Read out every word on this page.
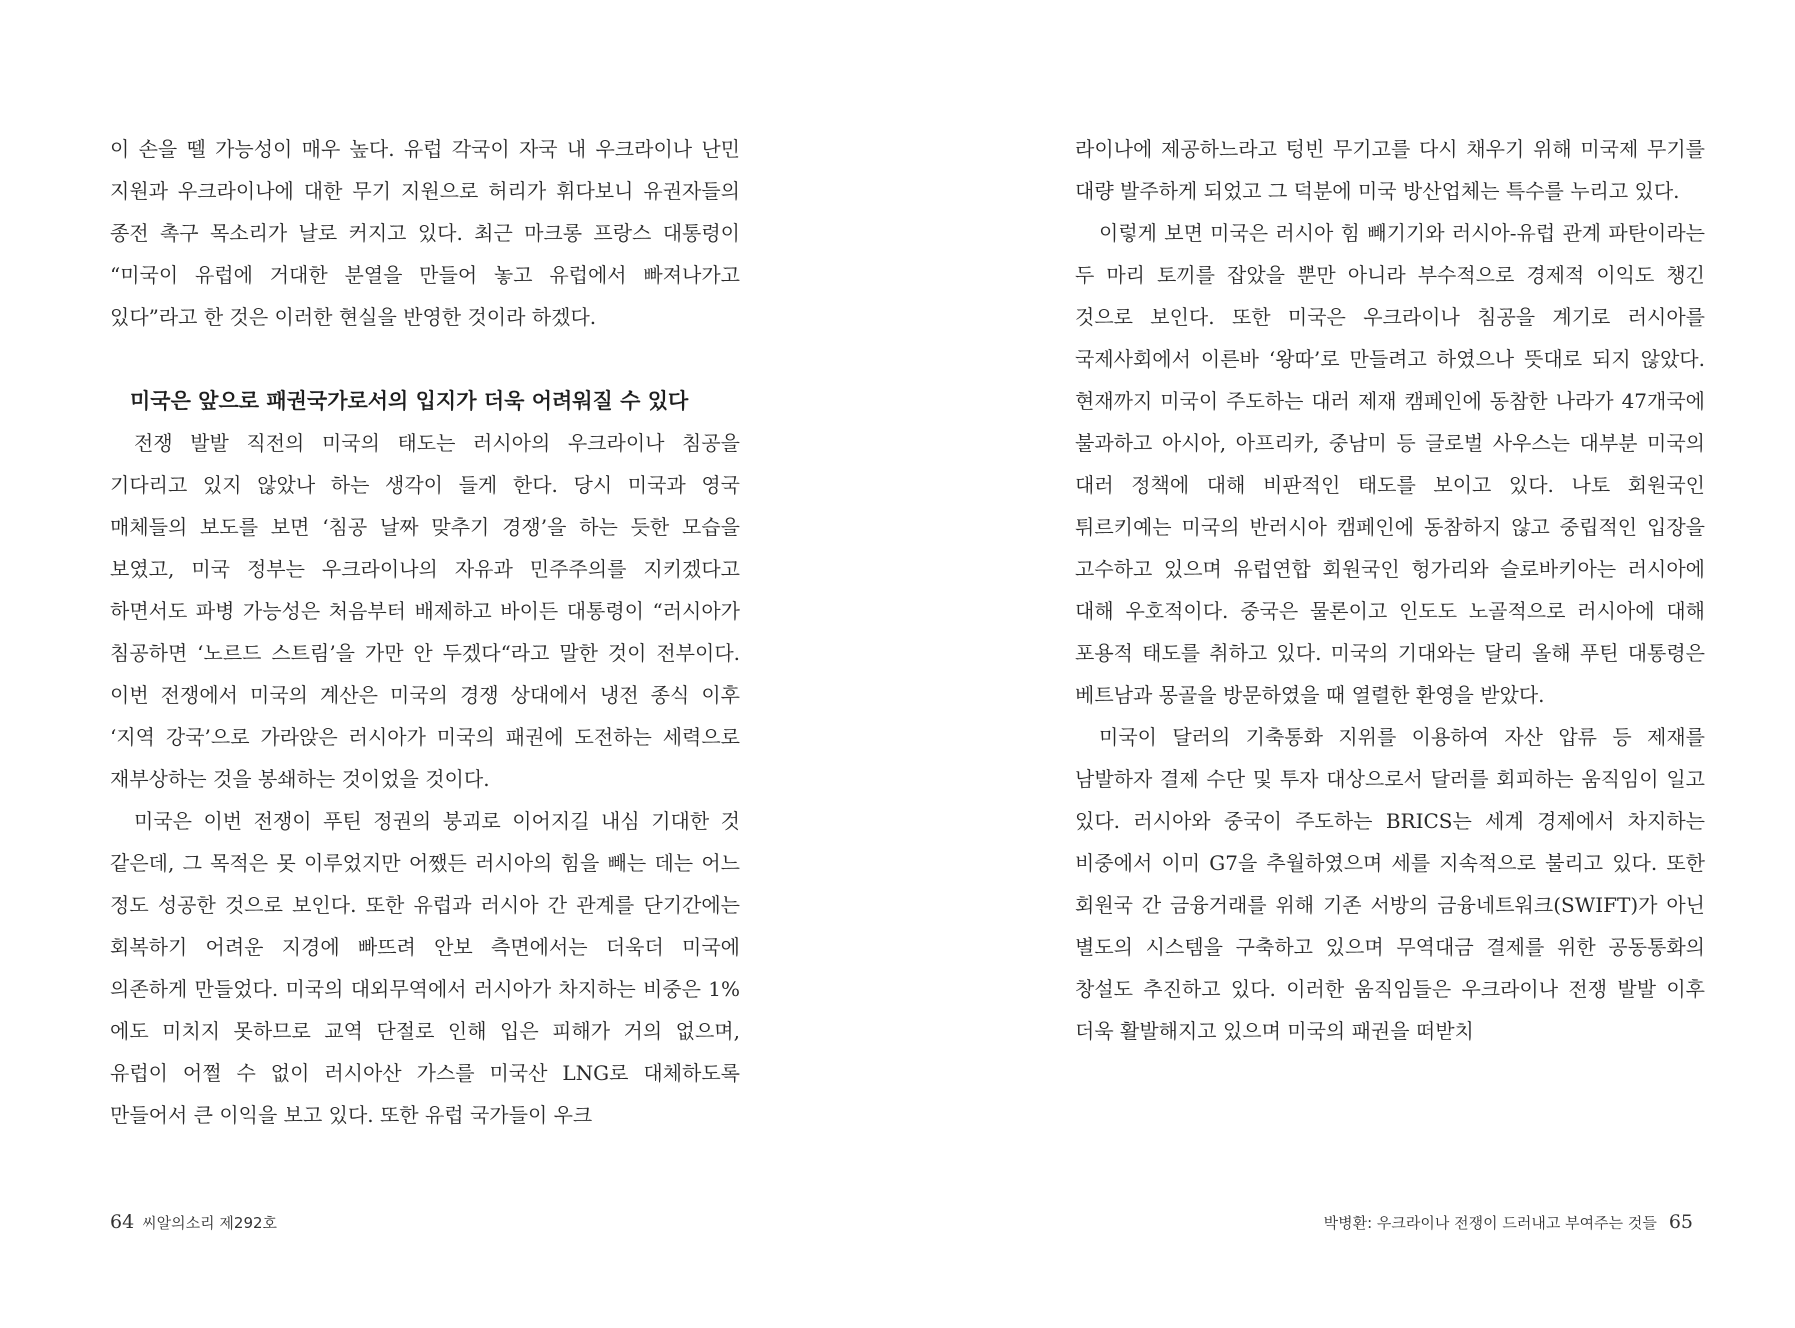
이 손을 뗄 가능성이 매우 높다. 유럽 각국이 자국 내 우크라이나 난민 지원과 우크라이나에 대한 무기 지원으로 허리가 휘다보니 유권자들의 종전 촉구 목소리가 날로 커지고 있다. 최근 마크롱 프랑스 대통령이 “미국이 유럽에 거대한 분열을 만들어 놓고 유럽에서 빠져나가고 있다”라고 한 것은 이러한 현실을 반영한 것이라 하겠다.

미국은 앞으로 패권국가로서의 입지가 더욱 어려워질 수 있다

전쟁 발발 직전의 미국의 태도는 러시아의 우크라이나 침공을 기다리고 있지 않았나 하는 생각이 들게 한다. 당시 미국과 영국 매체들의 보도를 보면 ‘침공 날짜 맞추기 경쟁’을 하는 듯한 모습을 보였고, 미국 정부는 우크라이나의 자유과 민주주의를 지키겠다고 하면서도 파병 가능성은 처음부터 배제하고 바이든 대통령이 “러시아가 침공하면 ‘노르드 스트림’을 가만 안 두겠다“라고 말한 것이 전부이다. 이번 전쟁에서 미국의 계산은 미국의 경쟁 상대에서 냉전 종식 이후 ‘지역 강국’으로 가라앉은 러시아가 미국의 패권에 도전하는 세력으로 재부상하는 것을 봉쇄하는 것이었을 것이다.

미국은 이번 전쟁이 푸틴 정권의 붕괴로 이어지길 내심 기대한 것 같은데, 그 목적은 못 이루었지만 어쨌든 러시아의 힘을 빼는 데는 어느 정도 성공한 것으로 보인다. 또한 유럽과 러시아 간 관계를 단기간에는 회복하기 어려운 지경에 빠뜨려 안보 측면에서는 더욱더 미국에 의존하게 만들었다. 미국의 대외무역에서 러시아가 차지하는 비중은 1%에도 미치지 못하므로 교역 단절로 인해 입은 피해가 거의 없으며, 유럽이 어쩔 수 없이 러시아산 가스를 미국산 LNG로 대체하도록 만들어서 큰 이익을 보고 있다. 또한 유럽 국가들이 우크

64 씨알의소리 제292호

라이나에 제공하느라고 텅빈 무기고를 다시 채우기 위해 미국제 무기를 대량 발주하게 되었고 그 덕분에 미국 방산업체는 특수를 누리고 있다.

이렇게 보면 미국은 러시아 힘 빼기기와 러시아-유럽 관계 파탄이라는 두 마리 토끼를 잡았을 뿐만 아니라 부수적으로 경제적 이익도 챙긴 것으로 보인다. 또한 미국은 우크라이나 침공을 계기로 러시아를 국제사회에서 이른바 ‘왕따’로 만들려고 하였으나 뜻대로 되지 않았다. 현재까지 미국이 주도하는 대러 제재 캠페인에 동참한 나라가 47개국에 불과하고 아시아, 아프리카, 중남미 등 글로벌 사우스는 대부분 미국의 대러 정책에 대해 비판적인 태도를 보이고 있다. 나토 회원국인 튀르키예는 미국의 반러시아 캠페인에 동참하지 않고 중립적인 입장을 고수하고 있으며 유럽연합 회원국인 헝가리와 슬로바키아는 러시아에 대해 우호적이다. 중국은 물론이고 인도도 노골적으로 러시아에 대해 포용적 태도를 취하고 있다. 미국의 기대와는 달리 올해 푸틴 대통령은 베트남과 몽골을 방문하였을 때 열렬한 환영을 받았다.

미국이 달러의 기축통화 지위를 이용하여 자산 압류 등 제재를 남발하자 결제 수단 및 투자 대상으로서 달러를 회피하는 움직임이 일고 있다. 러시아와 중국이 주도하는 BRICS는 세계 경제에서 차지하는 비중에서 이미 G7을 추월하였으며 세를 지속적으로 불리고 있다. 또한 회원국 간 금융거래를 위해 기존 서방의 금융네트워크(SWIFT)가 아닌 별도의 시스템을 구축하고 있으며 무역대금 결제를 위한 공동통화의 창설도 추진하고 있다. 이러한 움직임들은 우크라이나 전쟁 발발 이후 더욱 활발해지고 있으며 미국의 패권을 떠받치

박병환: 우크라이나 전쟁이 드러내고 부여주는 것들 65
